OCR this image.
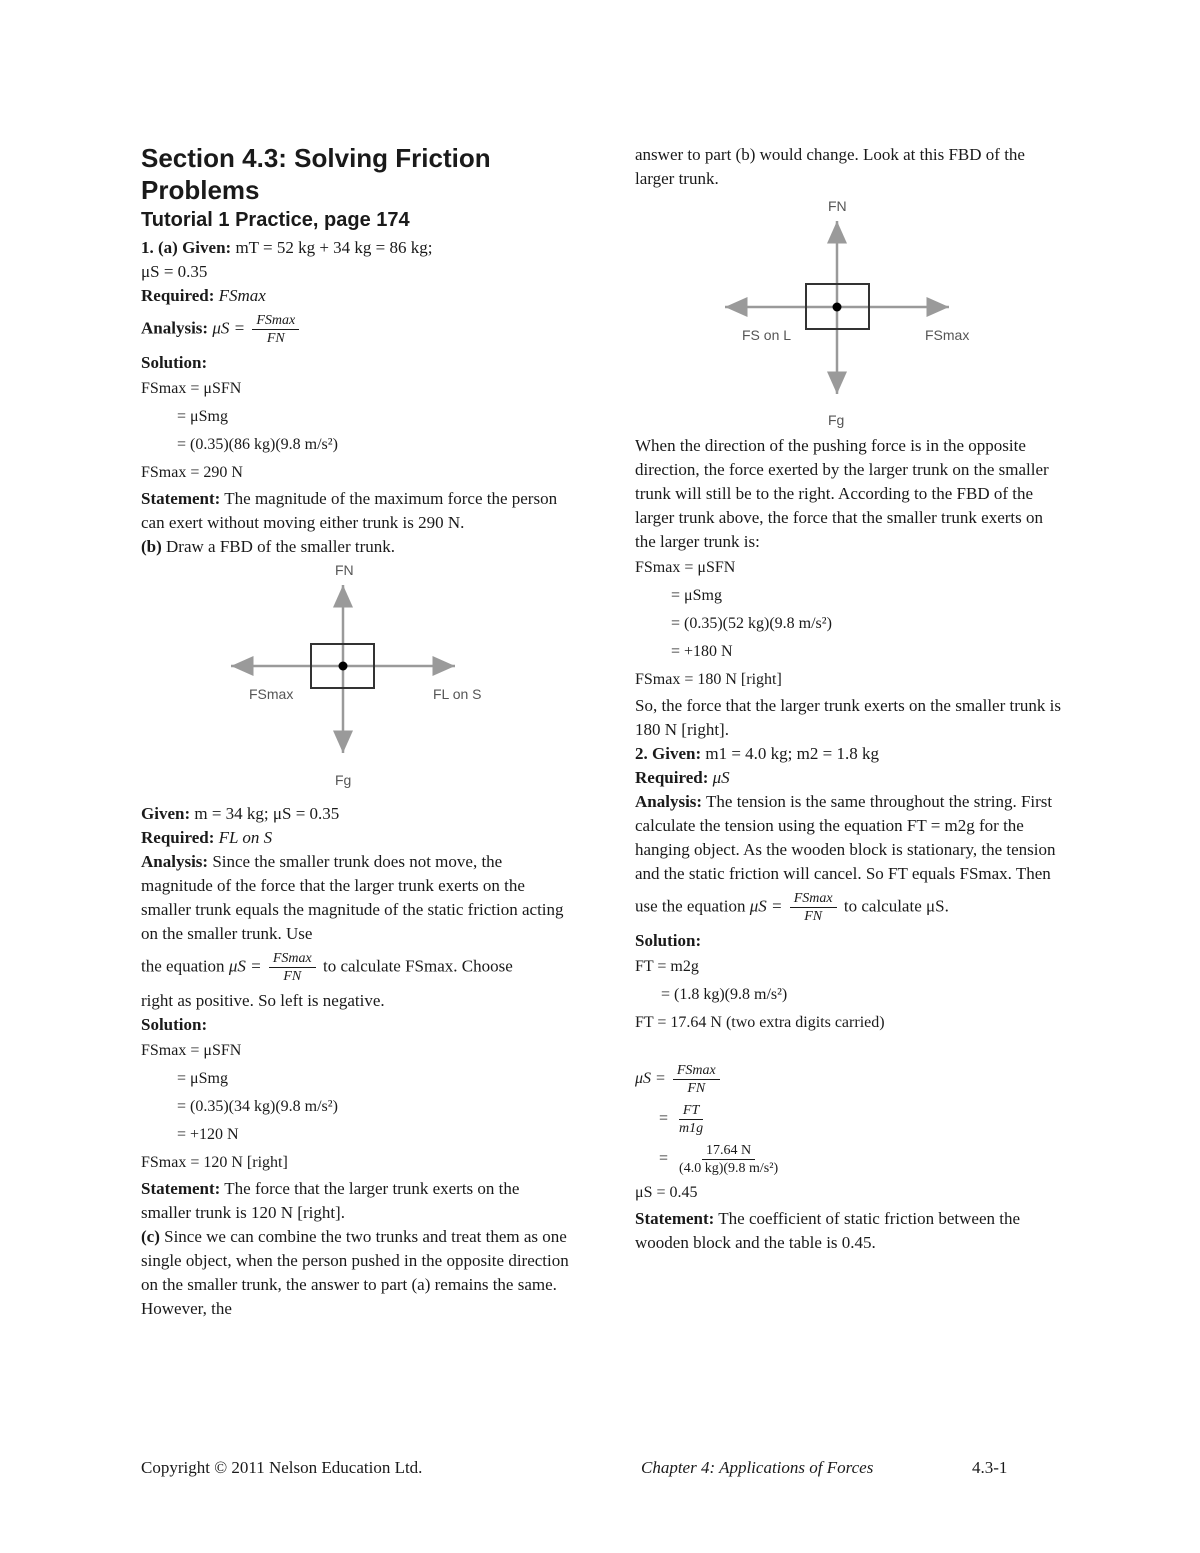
Section 4.3: Solving Friction Problems
Tutorial 1 Practice, page 174

1. (a) Given: mT = 52 kg + 34 kg = 86 kg;

μS = 0.35

Required: FSmax

Analysis: $\mu S = \frac{FSmax}{FN}$

Solution:

FSmax = μSFN

= μSmg

= (0.35)(86 kg)(9.8 m/s²)

FSmax = 290 N

Statement: The magnitude of the maximum force the person can exert without moving either trunk is 290 N.

(b) Draw a FBD of the smaller trunk.

FN
FSmax	FL on S
Fg

Given: m = 34 kg; μS = 0.35

Required: FL on S

Analysis: Since the smaller trunk does not move, the magnitude of the force that the larger trunk exerts on the smaller trunk equals the magnitude of the static friction acting on the smaller trunk. Use

the equation $\mu S = \frac{FSmax}{FN}$ to calculate FSmax. Choose

right as positive. So left is negative.

Solution:

FSmax = μSFN

= μSmg

= (0.35)(34 kg)(9.8 m/s²)

= +120 N

FSmax = 120 N [right]

Statement: The force that the larger trunk exerts on the smaller trunk is 120 N [right].

(c) Since we can combine the two trunks and treat them as one single object, when the person pushed in the opposite direction on the smaller trunk, the answer to part (a) remains the same. However, the

answer to part (b) would change. Look at this FBD of the larger trunk.

FN
FS on L	FSmax
Fg

When the direction of the pushing force is in the opposite direction, the force exerted by the larger trunk on the smaller trunk will still be to the right. According to the FBD of the larger trunk above, the force that the smaller trunk exerts on the larger trunk is:

FSmax = μSFN

= μSmg

= (0.35)(52 kg)(9.8 m/s²)

= +180 N

FSmax = 180 N [right]

So, the force that the larger trunk exerts on the smaller trunk is 180 N [right].

2. Given: m1 = 4.0 kg; m2 = 1.8 kg

Required: μS

Analysis: The tension is the same throughout the string. First calculate the tension using the equation FT = m2g for the hanging object. As the wooden block is stationary, the tension and the static friction will cancel. So FT equals FSmax. Then

use the equation $\mu S = \frac{FSmax}{FN}$ to calculate μS.

Solution:

FT = m2g

= (1.8 kg)(9.8 m/s²)

FT = 17.64 N (two extra digits carried)

$\mu S = \frac{FSmax}{FN}$

= $\frac{FT}{m1g}$

= $\frac{17.64 N}{\text{(4.0 kg)(9.8 m/s²)}}$

μS = 0.45

Statement: The coefficient of static friction between the wooden block and the table is 0.45.

Copyright © 2011 Nelson Education Ltd.	Chapter 4: Applications of Forces	4.3-1
